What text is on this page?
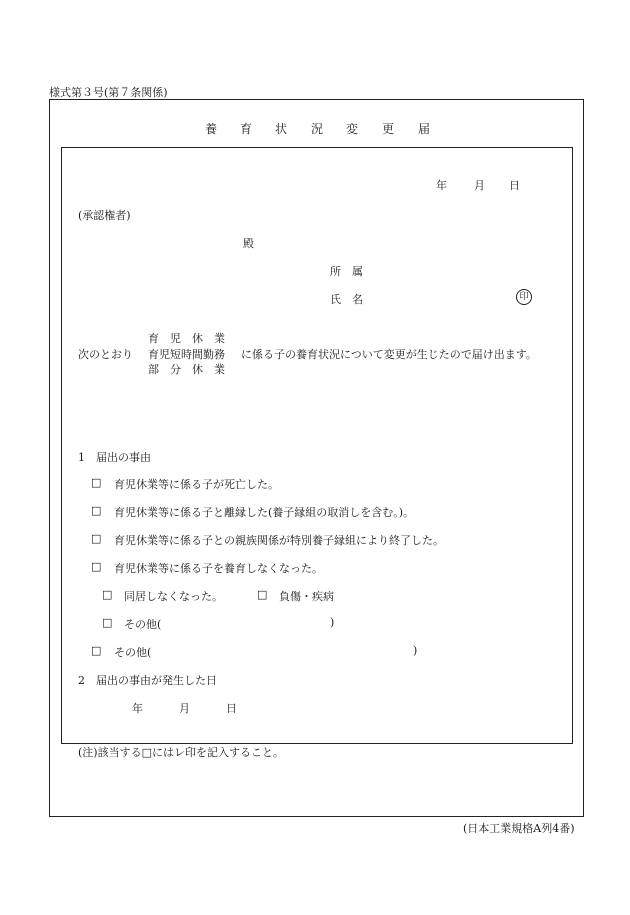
様式第３号(第７条関係)
養 育 状 況 変 更 届
年 月 日
(承認権者)
殿
所　属
氏　名	印
次のとおり
育　児　休　業
育児短時間勤務
部　分　休　業
に係る子の養育状況について変更が生じたので届け出ます。
1　届出の事由
□ 育児休業等に係る子が死亡した。
□ 育児休業等に係る子と離縁した(養子縁組の取消しを含む。)。
□ 育児休業等に係る子との親族関係が特別養子縁組により終了した。
□ 育児休業等に係る子を養育しなくなった。
□ 同居しなくなった。	□ 負傷・疾病
□ その他(	)
□ その他(	)
2　届出の事由が発生した日
年	月	日
(注)該当する□にはレ印を記入すること。
(日本工業規格A列4番)
